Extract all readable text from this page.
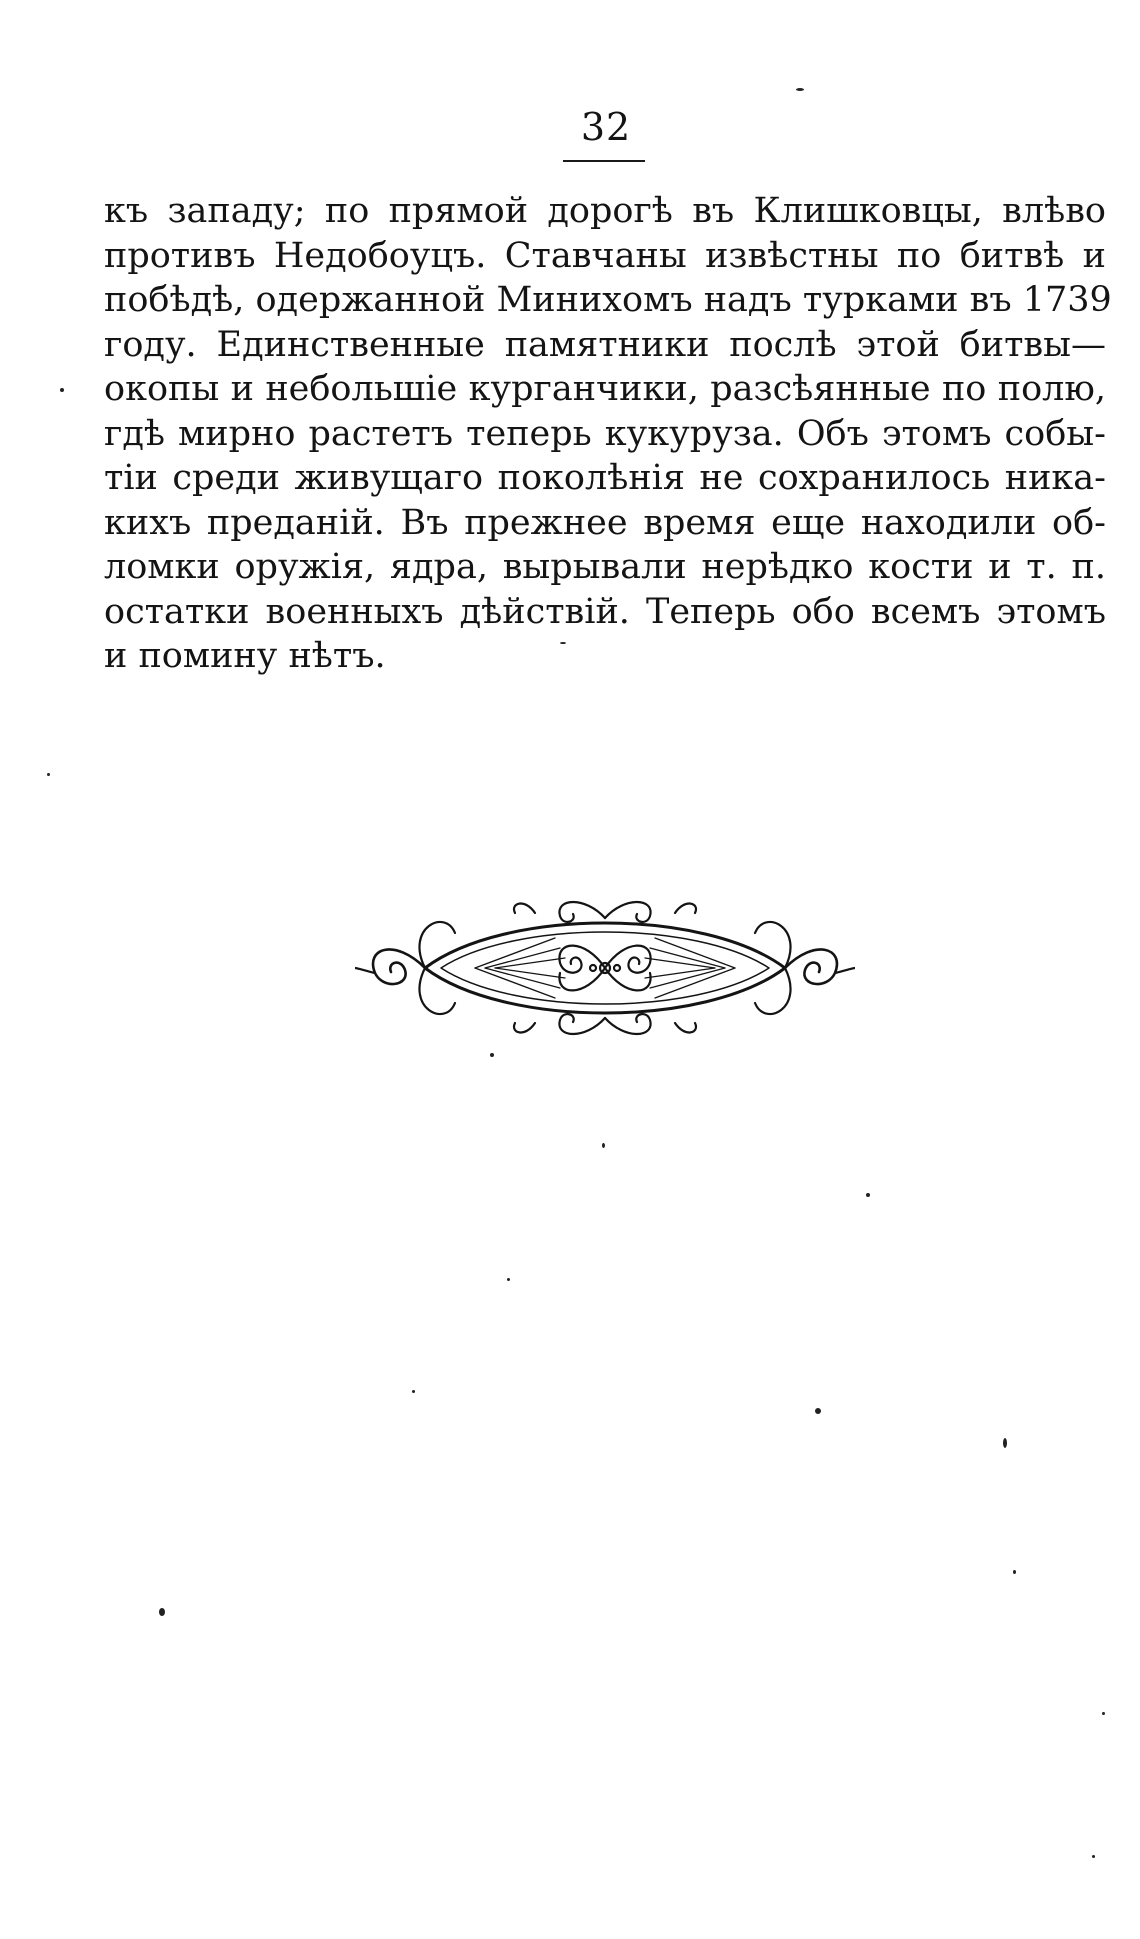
32
къ западу; по прямой дорогѣ въ Клишковцы, влѣво
противъ Недобоуцъ. Ставчаны извѣстны по битвѣ и
побѣдѣ, одержанной Минихомъ надъ турками въ 1739
году. Единственные памятники послѣ этой битвы—
окопы и небольшіе курганчики, разсѣянные по полю,
гдѣ мирно растетъ теперь кукуруза. Объ этомъ собы-
тіи среди живущаго поколѣнія не сохранилось ника-
кихъ преданій. Въ прежнее время еще находили об-
ломки оружія, ядра, вырывали нерѣдко кости и т. п.
остатки военныхъ дѣйствій. Теперь обо всемъ этомъ
и помину нѣтъ.
